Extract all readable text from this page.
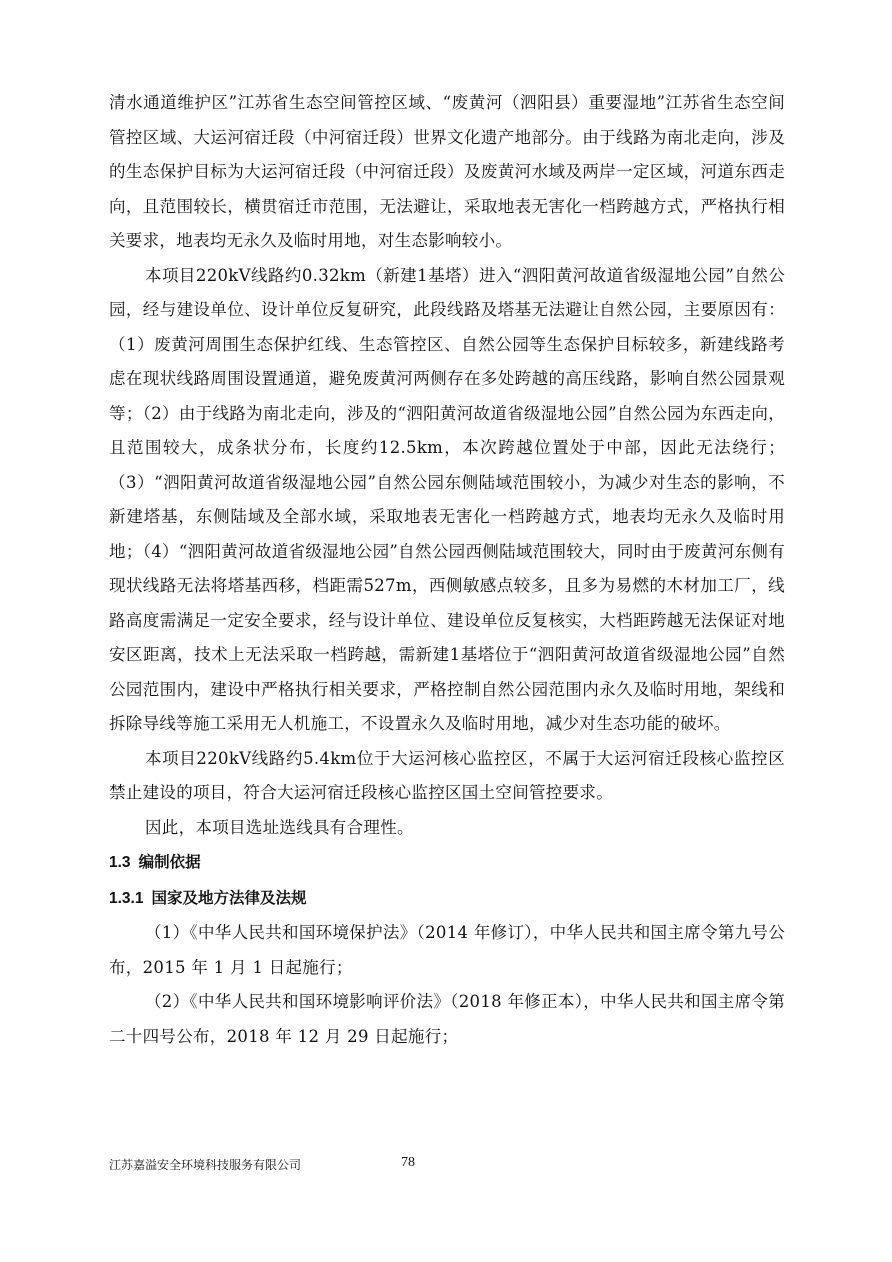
清水通道维护区”江苏省生态空间管控区域、“废黄河（泗阳县）重要湿地”江苏省生态空间管控区域、大运河宿迁段（中河宿迁段）世界文化遗产地部分。由于线路为南北走向，涉及的生态保护目标为大运河宿迁段（中河宿迁段）及废黄河水域及两岸一定区域，河道东西走向，且范围较长，横贯宿迁市范围，无法避让，采取地表无害化一档跨越方式，严格执行相关要求，地表均无永久及临时用地，对生态影响较小。

本项目220kV线路约0.32km（新建1基塔）进入“泗阳黄河故道省级湿地公园”自然公园，经与建设单位、设计单位反复研究，此段线路及塔基无法避让自然公园，主要原因有：（1）废黄河周围生态保护红线、生态管控区、自然公园等生态保护目标较多，新建线路考虑在现状线路周围设置通道，避免废黄河两侧存在多处跨越的高压线路，影响自然公园景观等；（2）由于线路为南北走向，涉及的“泗阳黄河故道省级湿地公园”自然公园为东西走向，且范围较大，成条状分布，长度约12.5km，本次跨越位置处于中部，因此无法绕行；（3）“泗阳黄河故道省级湿地公园”自然公园东侧陆域范围较小，为减少对生态的影响，不新建塔基，东侧陆域及全部水域，采取地表无害化一档跨越方式，地表均无永久及临时用地；（4）“泗阳黄河故道省级湿地公园”自然公园西侧陆域范围较大，同时由于废黄河东侧有现状线路无法将塔基西移，档距需527m，西侧敏感点较多，且多为易燃的木材加工厂，线路高度需满足一定安全要求，经与设计单位、建设单位反复核实，大档距跨越无法保证对地安区距离，技术上无法采取一档跨越，需新建1基塔位于“泗阳黄河故道省级湿地公园”自然公园范围内，建设中严格执行相关要求，严格控制自然公园范围内永久及临时用地，架线和拆除导线等施工采用无人机施工，不设置永久及临时用地，减少对生态功能的破坏。

本项目220kV线路约5.4km位于大运河核心监控区，不属于大运河宿迁段核心监控区禁止建设的项目，符合大运河宿迁段核心监控区国土空间管控要求。

因此，本项目选址选线具有合理性。

1.3 编制依据
1.3.1 国家及地方法律及法规

（1）《中华人民共和国环境保护法》（2014 年修订），中华人民共和国主席令第九号公布，2015 年 1 月 1 日起施行；

（2）《中华人民共和国环境影响评价法》（2018 年修正本），中华人民共和国主席令第二十四号公布，2018 年 12 月 29 日起施行；

江苏嘉溢安全环境科技服务有限公司	78
